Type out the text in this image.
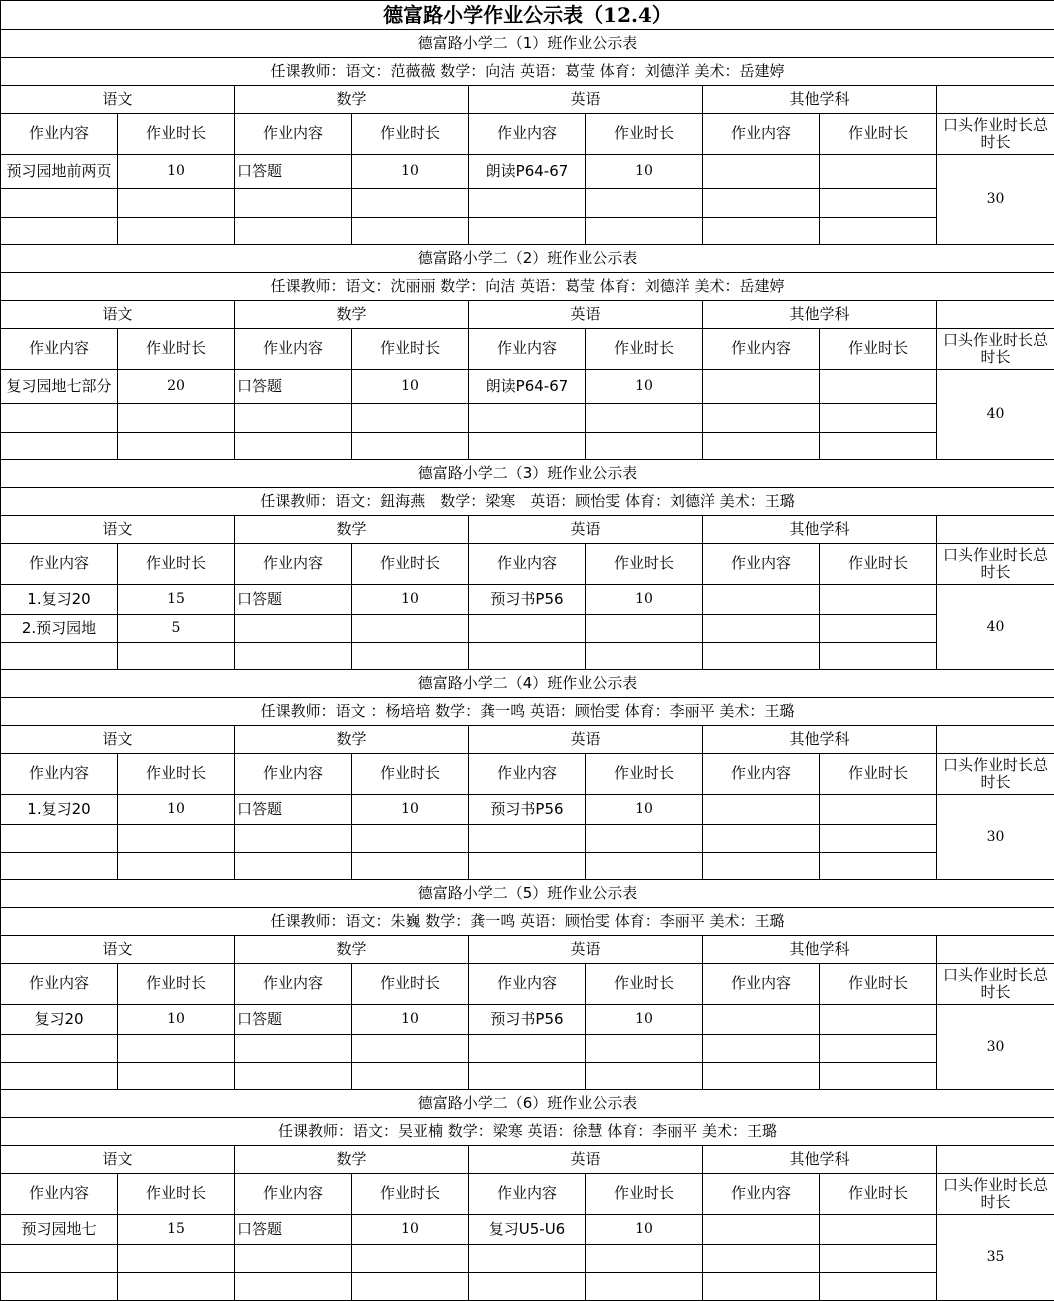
德富路小学作业公示表（12.4）								
德富路小学二（1）班作业公示表								
任课教师：语文：范薇薇 数学：向洁 英语：葛莹 体育：刘德洋 美术：岳建婷								
语文		数学		英语		其他学科		
作业内容	作业时长	作业内容	作业时长	作业内容	作业时长	作业内容	作业时长	口头作业时长总时长
预习园地前两页	10	口答题	10	朗读P64-67	10			30

德富路小学二（2）班作业公示表								
任课教师：语文：沈丽丽 数学：向洁 英语：葛莹 体育：刘德洋 美术：岳建婷								
语文		数学		英语		其他学科		
作业内容	作业时长	作业内容	作业时长	作业内容	作业时长	作业内容	作业时长	口头作业时长总时长
复习园地七部分	20	口答题	10	朗读P64-67	10			40

德富路小学二（3）班作业公示表								
任课教师：语文：鈕海燕　数学：梁寒　英语：顾怡雯 体育：刘德洋 美术：王璐								
语文		数学		英语		其他学科		
作业内容	作业时长	作业内容	作业时长	作业内容	作业时长	作业内容	作业时长	口头作业时长总时长
1.复习20	15	口答题	10	预习书P56	10			40
2.预习园地	5							

德富路小学二（4）班作业公示表								
任课教师：语文 ：杨培培 数学：龚一鸣 英语：顾怡雯 体育：李丽平 美术：王璐								
语文		数学		英语		其他学科		
作业内容	作业时长	作业内容	作业时长	作业内容	作业时长	作业内容	作业时长	口头作业时长总时长
1.复习20	10	口答题	10	预习书P56	10			30

德富路小学二（5）班作业公示表								
任课教师：语文：朱巍 数学：龚一鸣 英语：顾怡雯 体育：李丽平 美术：王璐								
语文		数学		英语		其他学科		
作业内容	作业时长	作业内容	作业时长	作业内容	作业时长	作业内容	作业时长	口头作业时长总时长
复习20	10	口答题	10	预习书P56	10			30

德富路小学二（6）班作业公示表								
任课教师：语文：吴亚楠 数学：梁寒 英语：徐慧 体育：李丽平 美术：王璐								
语文		数学		英语		其他学科		
作业内容	作业时长	作业内容	作业时长	作业内容	作业时长	作业内容	作业时长	口头作业时长总时长
预习园地七	15	口答题	10	复习U5-U6	10			35
